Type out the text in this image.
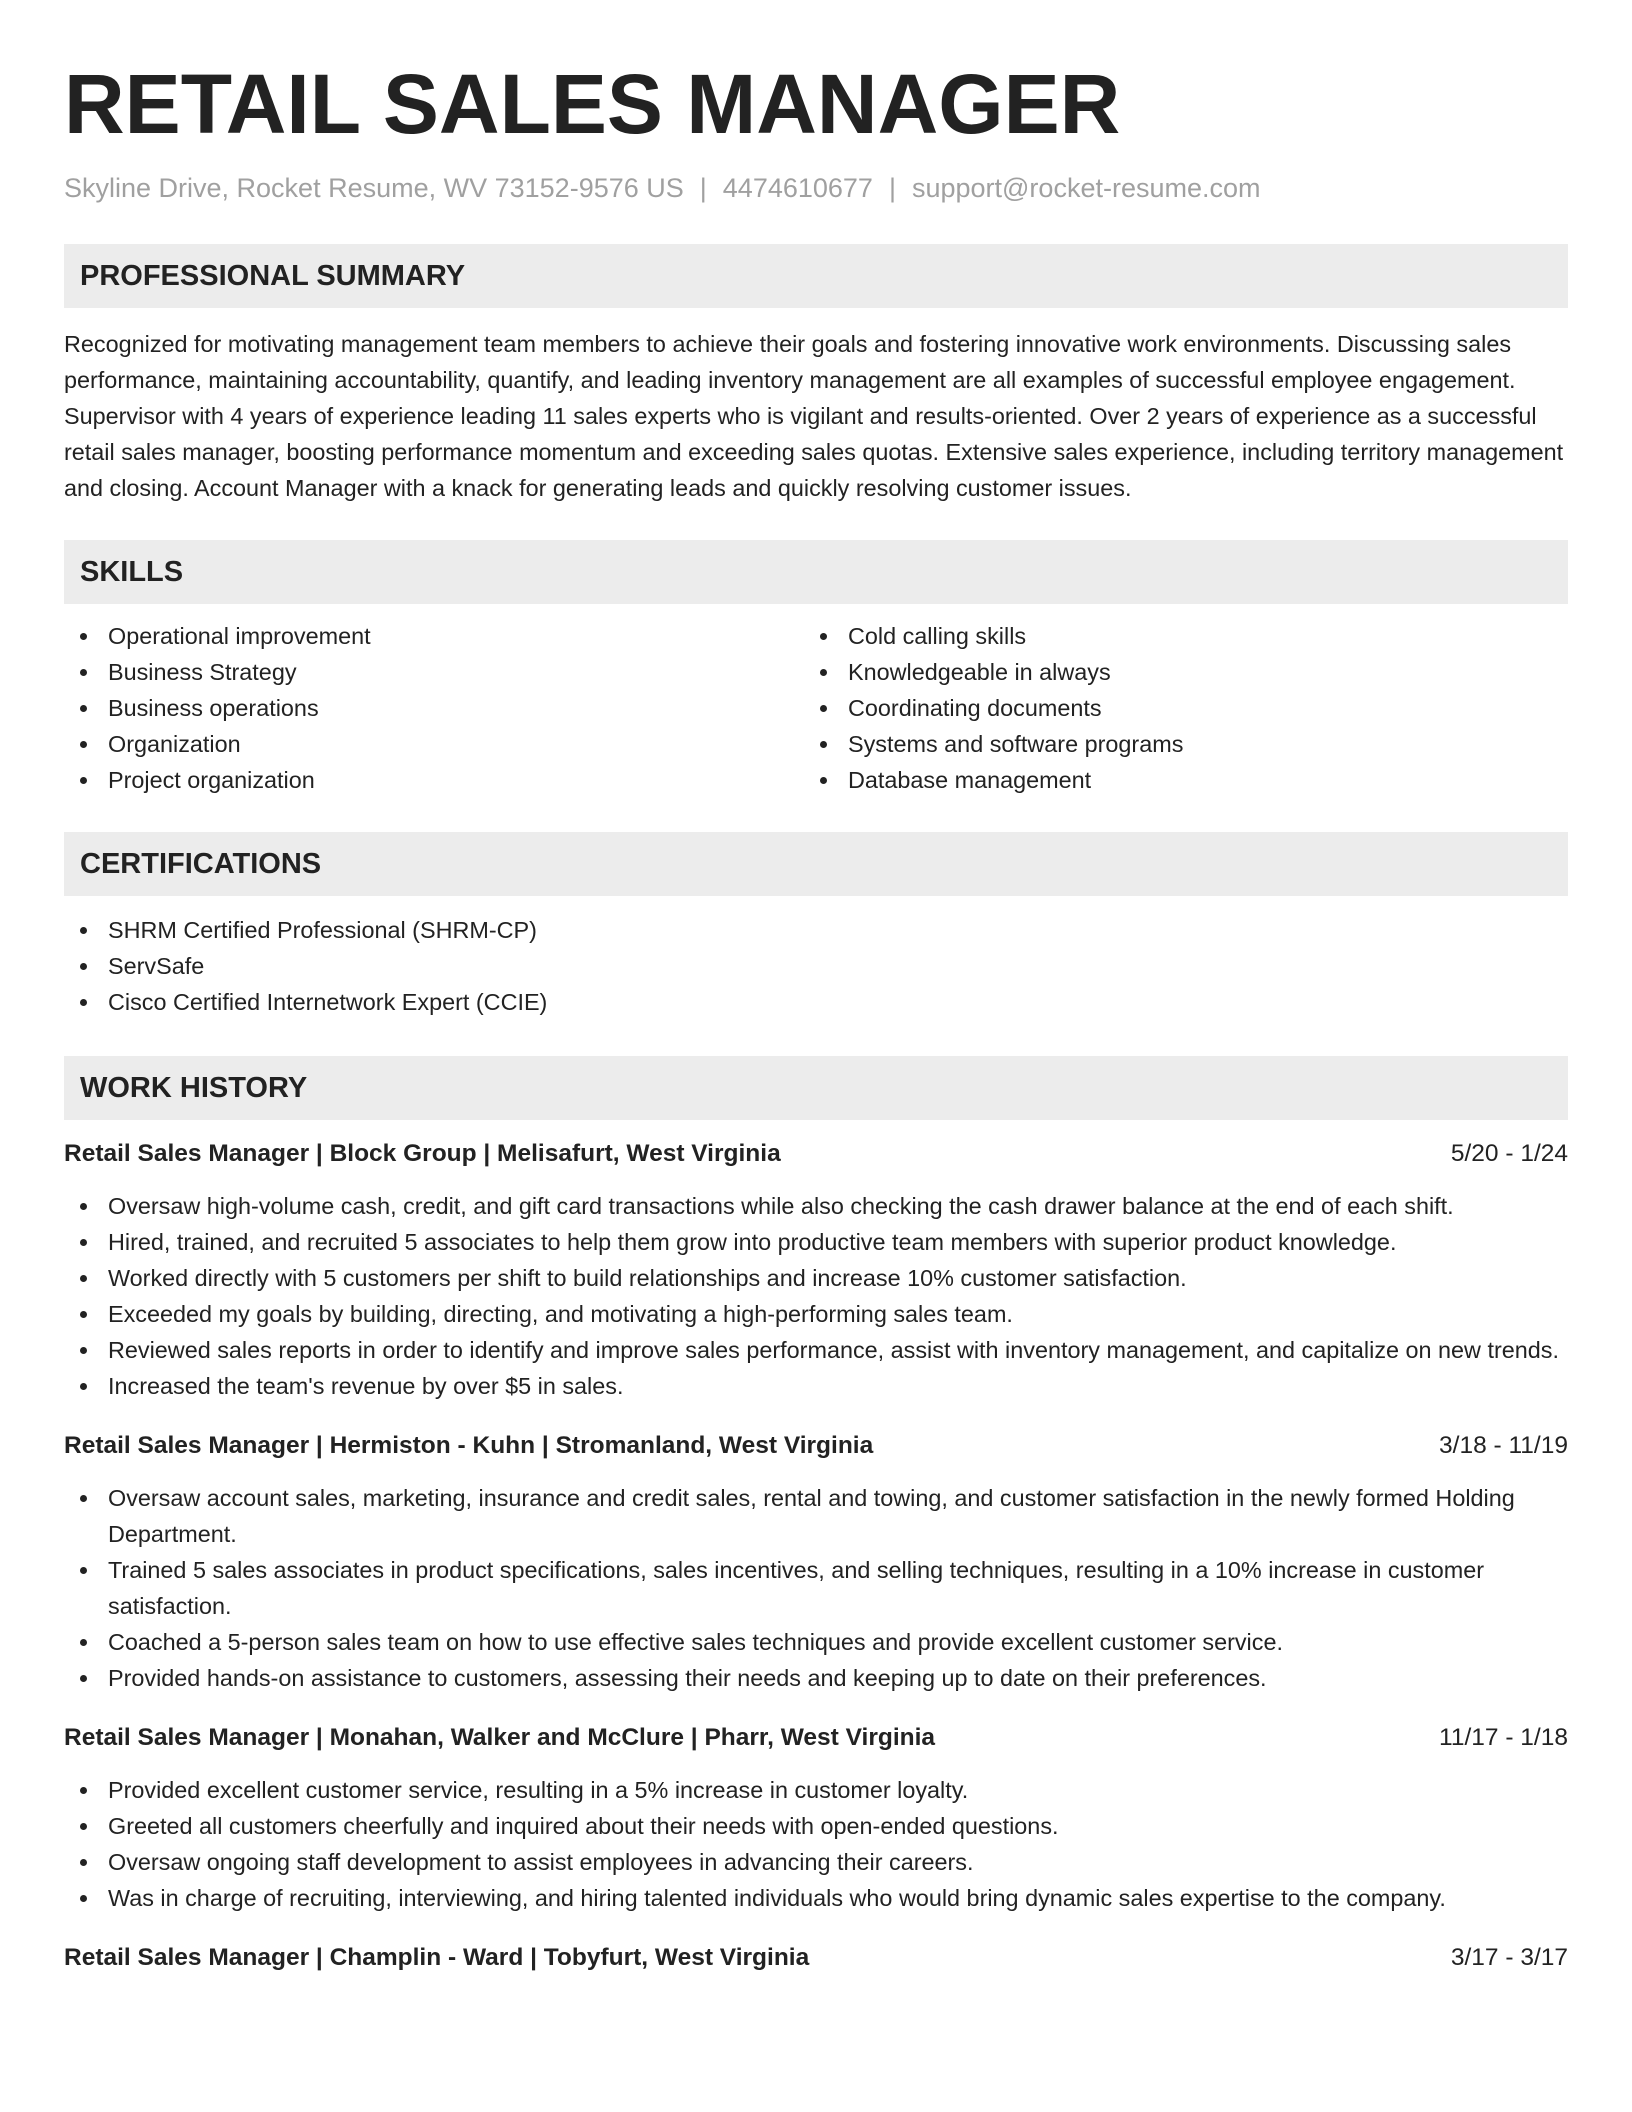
RETAIL SALES MANAGER
Skyline Drive, Rocket Resume, WV 73152-9576 US | 4474610677 | support@rocket-resume.com
PROFESSIONAL SUMMARY

Recognized for motivating management team members to achieve their goals and fostering innovative work environments. Discussing sales performance, maintaining accountability, quantify, and leading inventory management are all examples of successful employee engagement. Supervisor with 4 years of experience leading 11 sales experts who is vigilant and results-oriented. Over 2 years of experience as a successful retail sales manager, boosting performance momentum and exceeding sales quotas. Extensive sales experience, including territory management and closing. Account Manager with a knack for generating leads and quickly resolving customer issues.

SKILLS
Operational improvement
Business Strategy
Business operations
Organization
Project organization
Cold calling skills
Knowledgeable in always
Coordinating documents
Systems and software programs
Database management
CERTIFICATIONS
SHRM Certified Professional (SHRM-CP)
ServSafe
Cisco Certified Internetwork Expert (CCIE)
WORK HISTORY
Retail Sales Manager | Block Group | Melisafurt, West Virginia	5/20 - 1/24
Oversaw high-volume cash, credit, and gift card transactions while also checking the cash drawer balance at the end of each shift.
Hired, trained, and recruited 5 associates to help them grow into productive team members with superior product knowledge.
Worked directly with 5 customers per shift to build relationships and increase 10% customer satisfaction.
Exceeded my goals by building, directing, and motivating a high-performing sales team.
Reviewed sales reports in order to identify and improve sales performance, assist with inventory management, and capitalize on new trends.
Increased the team's revenue by over $5 in sales.
Retail Sales Manager | Hermiston - Kuhn | Stromanland, West Virginia	3/18 - 11/19
Oversaw account sales, marketing, insurance and credit sales, rental and towing, and customer satisfaction in the newly formed Holding Department.
Trained 5 sales associates in product specifications, sales incentives, and selling techniques, resulting in a 10% increase in customer satisfaction.
Coached a 5-person sales team on how to use effective sales techniques and provide excellent customer service.
Provided hands-on assistance to customers, assessing their needs and keeping up to date on their preferences.
Retail Sales Manager | Monahan, Walker and McClure | Pharr, West Virginia	11/17 - 1/18
Provided excellent customer service, resulting in a 5% increase in customer loyalty.
Greeted all customers cheerfully and inquired about their needs with open-ended questions.
Oversaw ongoing staff development to assist employees in advancing their careers.
Was in charge of recruiting, interviewing, and hiring talented individuals who would bring dynamic sales expertise to the company.
Retail Sales Manager | Champlin - Ward | Tobyfurt, West Virginia	3/17 - 3/17
